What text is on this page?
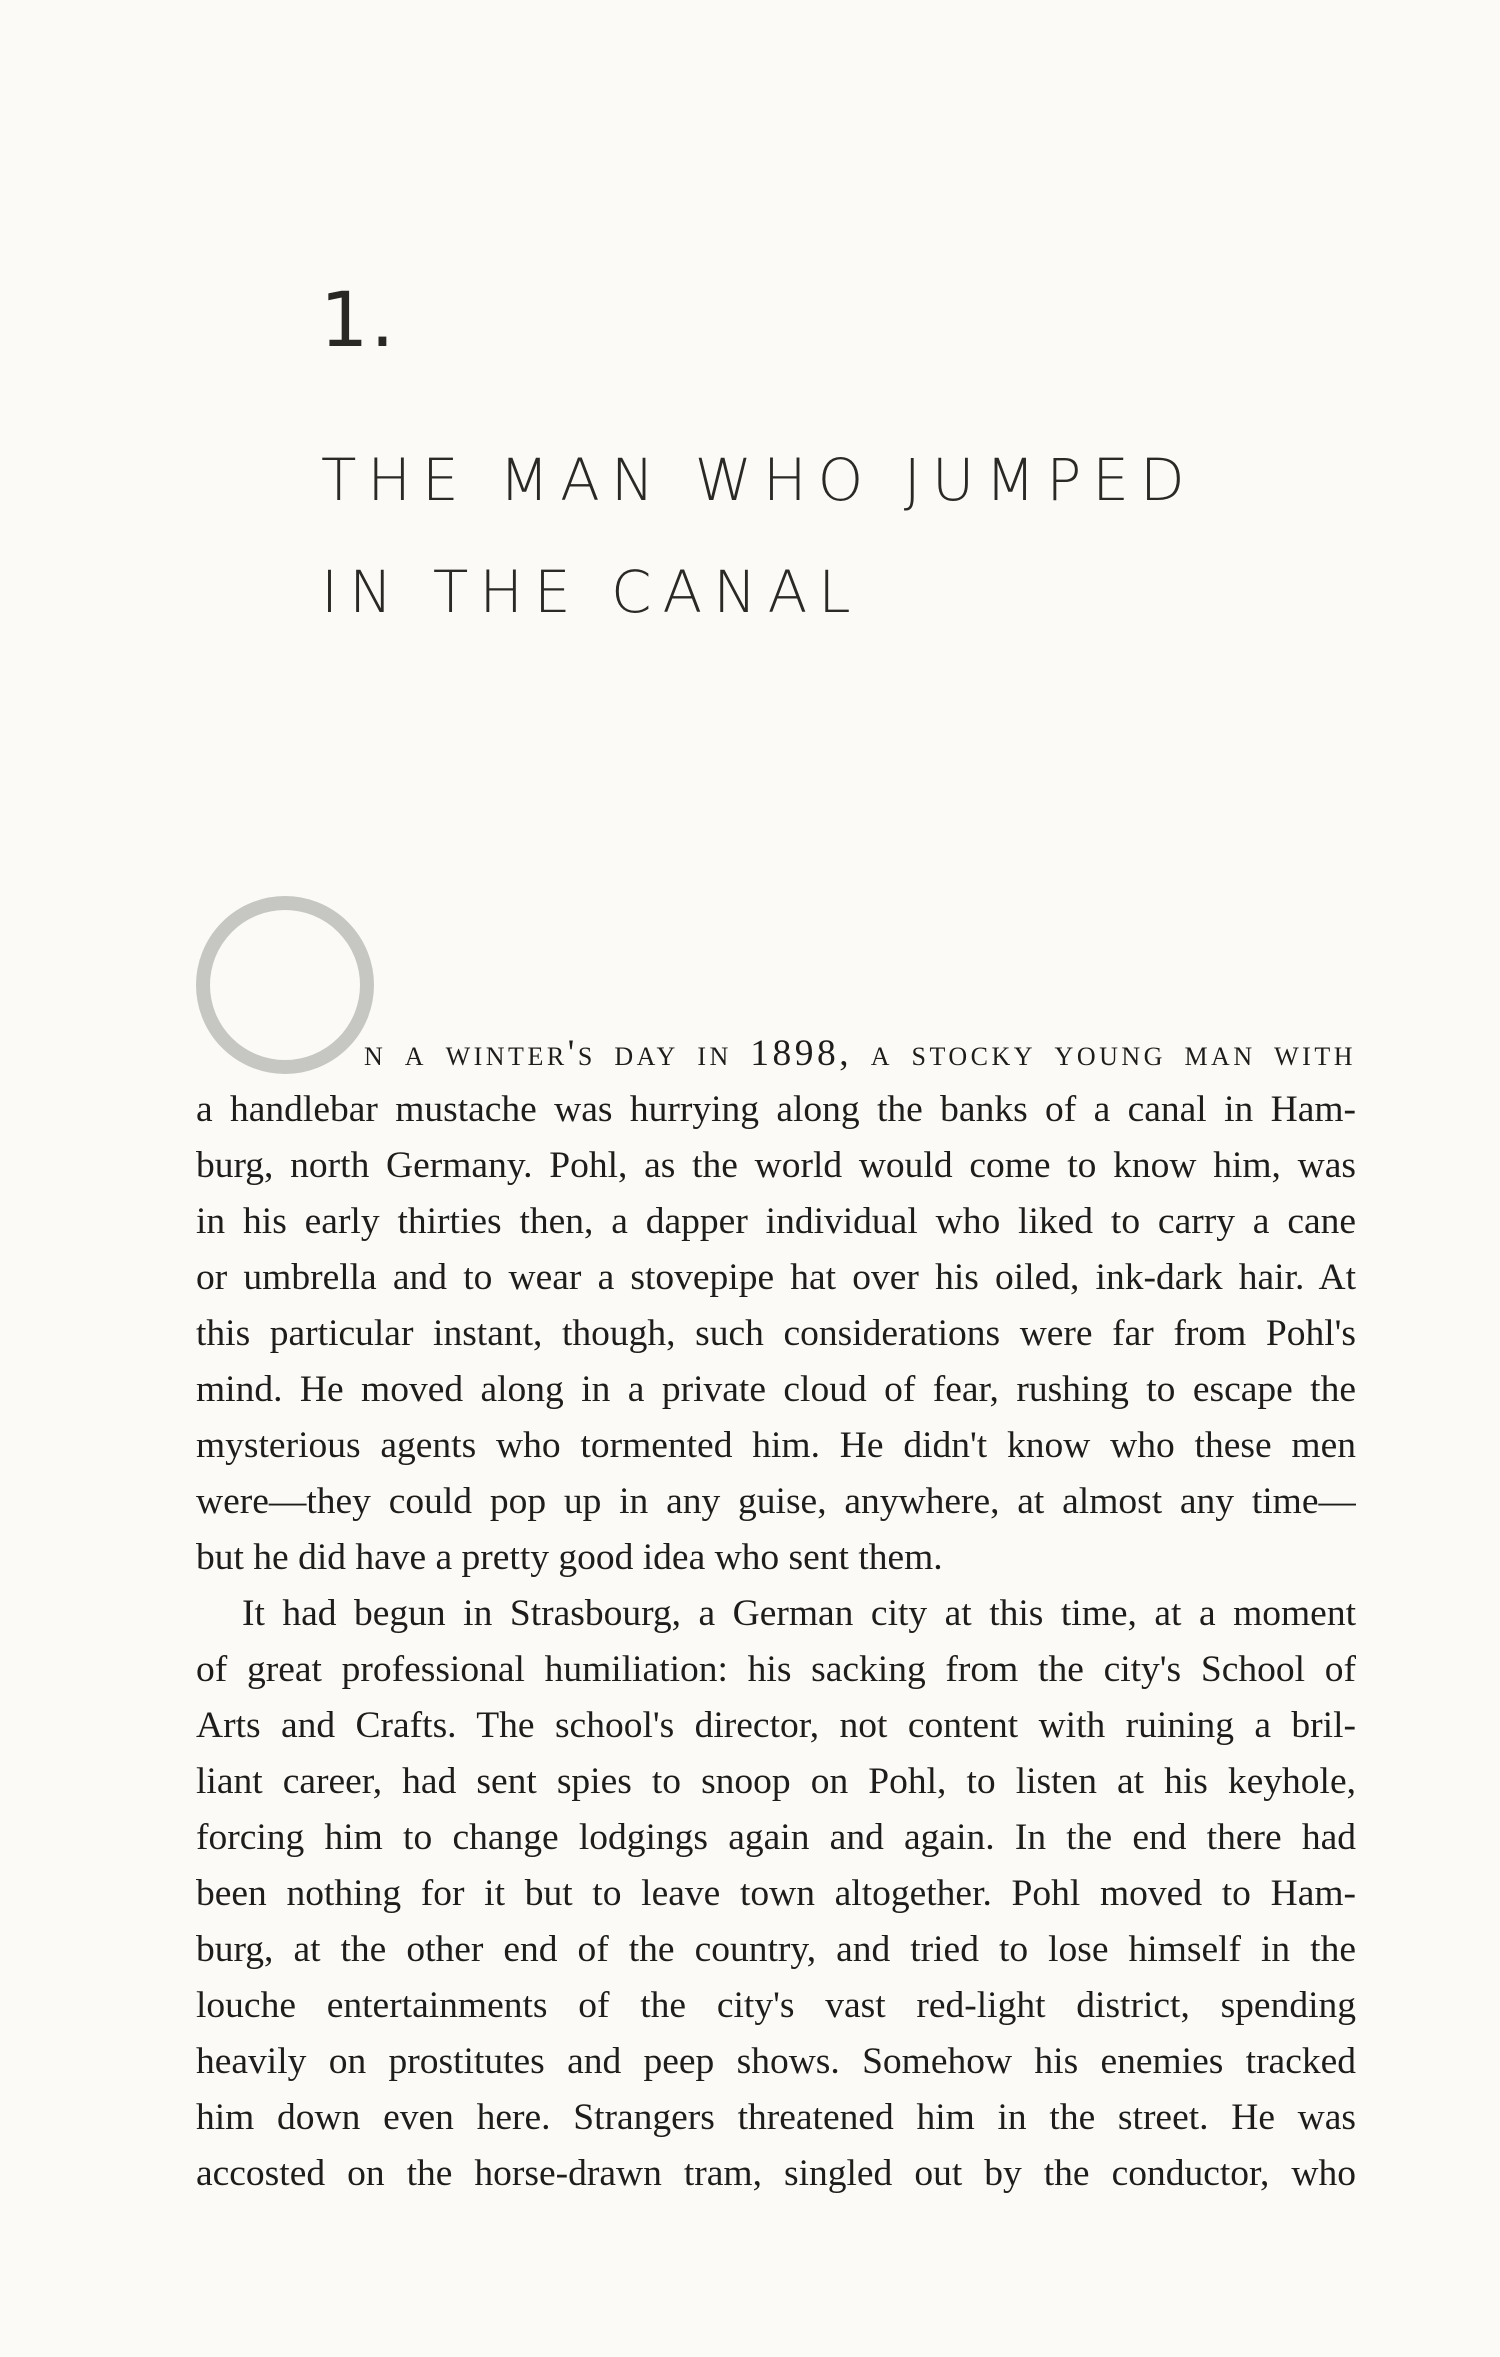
1.
THE MAN WHO JUMPED
IN THE CANAL
n a winter's day in 1898, a stocky young man with
a handlebar mustache was hurrying along the banks of a canal in Ham-
burg, north Germany. Pohl, as the world would come to know him, was
in his early thirties then, a dapper individual who liked to carry a cane
or umbrella and to wear a stovepipe hat over his oiled, ink-dark hair. At
this particular instant, though, such considerations were far from Pohl's
mind. He moved along in a private cloud of fear, rushing to escape the
mysterious agents who tormented him. He didn't know who these men
were—they could pop up in any guise, anywhere, at almost any time—
but he did have a pretty good idea who sent them.
It had begun in Strasbourg, a German city at this time, at a moment
of great professional humiliation: his sacking from the city's School of
Arts and Crafts. The school's director, not content with ruining a bril-
liant career, had sent spies to snoop on Pohl, to listen at his keyhole,
forcing him to change lodgings again and again. In the end there had
been nothing for it but to leave town altogether. Pohl moved to Ham-
burg, at the other end of the country, and tried to lose himself in the
louche entertainments of the city's vast red-light district, spending
heavily on prostitutes and peep shows. Somehow his enemies tracked
him down even here. Strangers threatened him in the street. He was
accosted on the horse-drawn tram, singled out by the conductor, who
